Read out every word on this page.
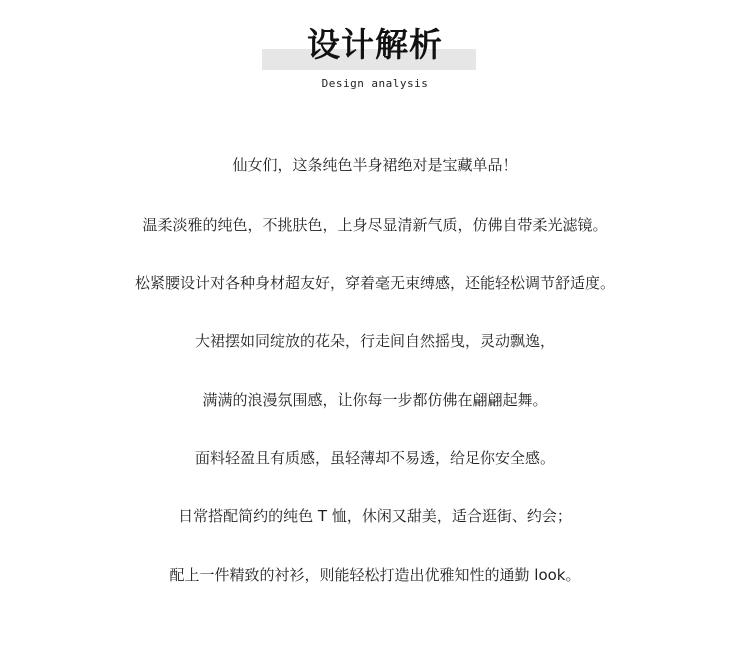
设计解析
Design analysis
仙女们，这条纯色半身裙绝对是宝藏单品！
温柔淡雅的纯色，不挑肤色，上身尽显清新气质，仿佛自带柔光滤镜。
松紧腰设计对各种身材超友好，穿着毫无束缚感，还能轻松调节舒适度。
大裙摆如同绽放的花朵，行走间自然摇曳，灵动飘逸，
满满的浪漫氛围感，让你每一步都仿佛在翩翩起舞。
面料轻盈且有质感，虽轻薄却不易透，给足你安全感。
日常搭配简约的纯色 T 恤，休闲又甜美，适合逛街、约会；
配上一件精致的衬衫，则能轻松打造出优雅知性的通勤 look。
